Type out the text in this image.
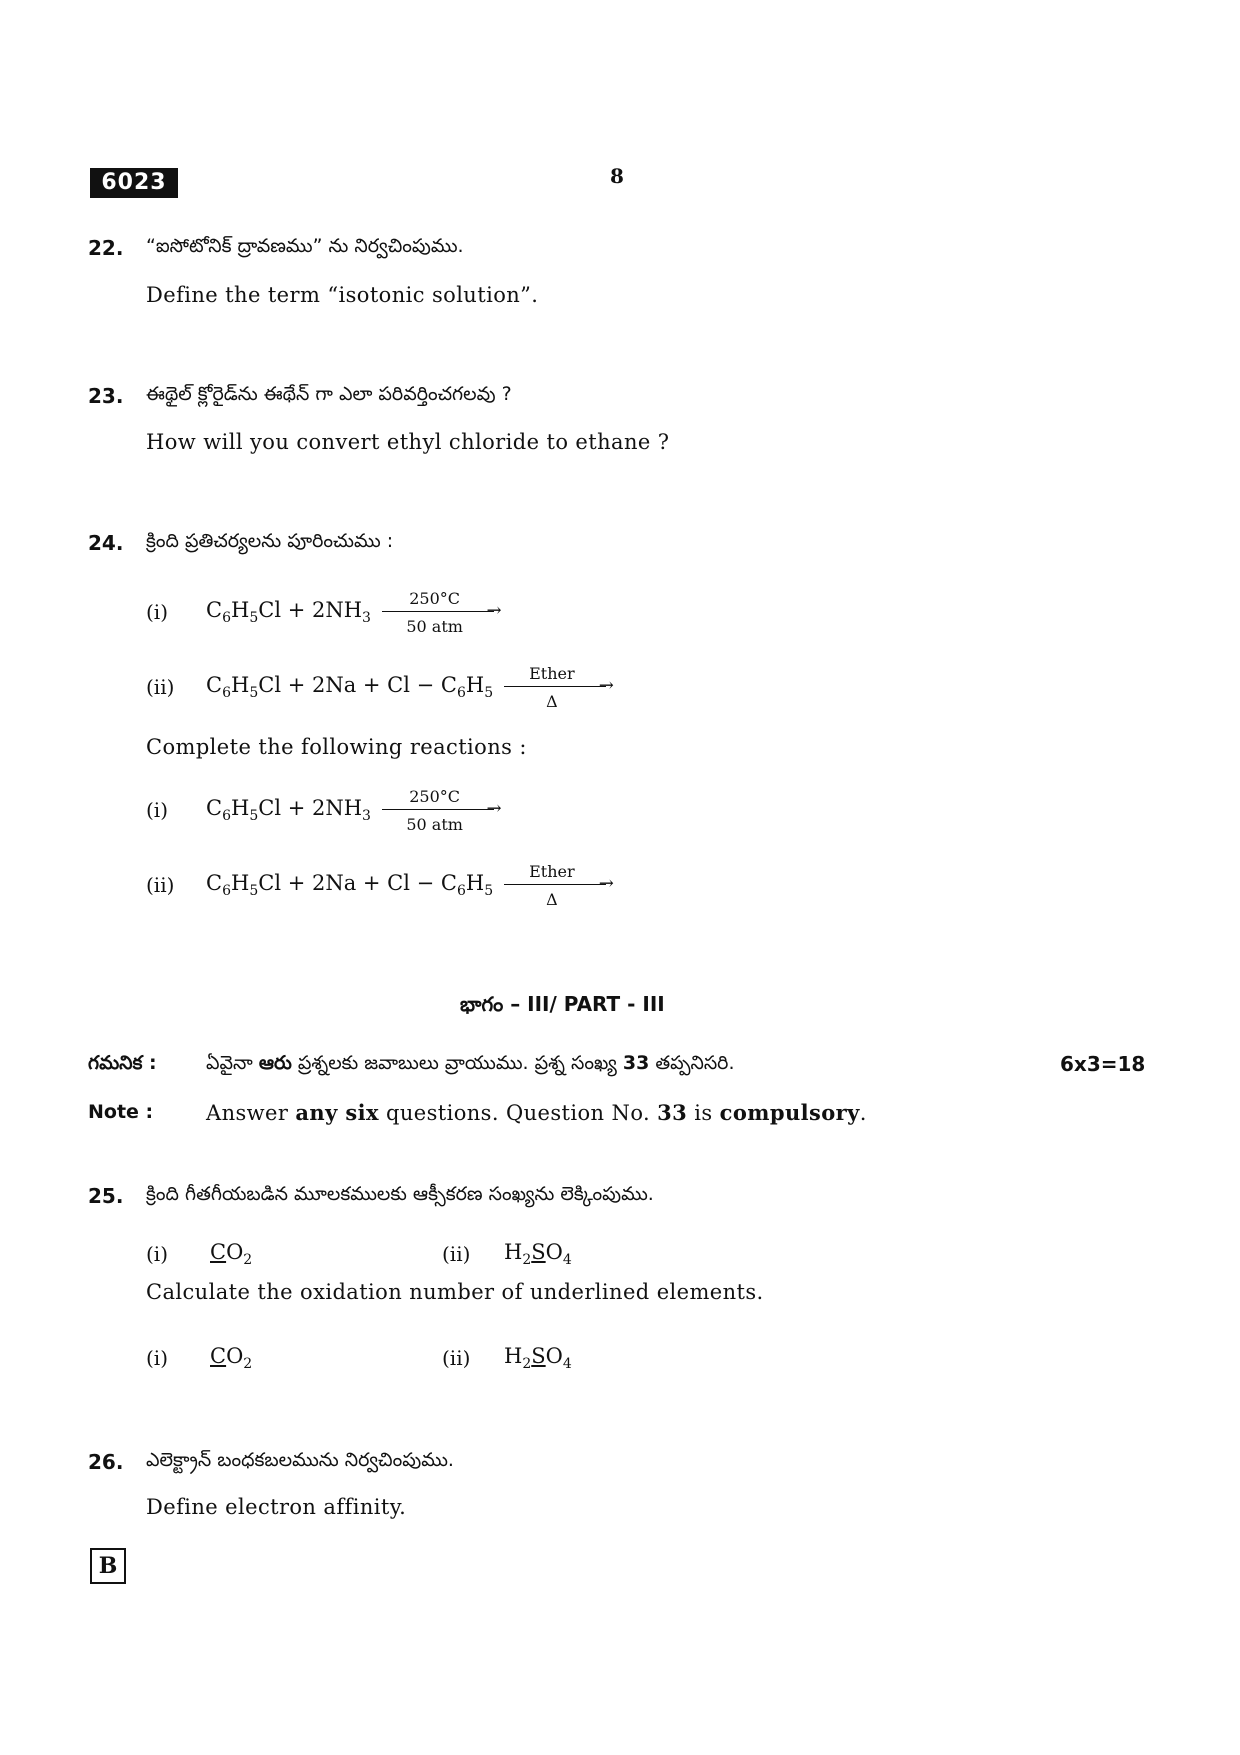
6023	8
22. “ఐసోటోనిక్ ద్రావణము” ను నిర్వచింపుము.
Define the term “isotonic solution”.
23. ఈథైల్ క్లోరైడ్‌ను ఈథేన్ గా ఎలా పరివర్తించగలవు ?
How will you convert ethyl chloride to ethane ?
24. క్రింది ప్రతిచర్యలను పూరించుము :
(i) $C_6H_5Cl + 2NH_3$
250°C
→
50 atm
(ii) $C_6H_5Cl + 2Na + Cl - C_6H_5$
Ether
→
Δ
Complete the following reactions :
(i) $C_6H_5Cl + 2NH_3$
250°C
→
50 atm
(ii) $C_6H_5Cl + 2Na + Cl - C_6H_5$
Ether
→
Δ
భాగం – III/ PART - III
గమనిక :	ఏవైనా ఆరు ప్రశ్నలకు జవాబులు వ్రాయుము. ప్రశ్న సంఖ్య 33 తప్పనిసరి.	6x3=18
Note :	Answer any six questions. Question No. 33 is compulsory.
25. క్రింది గీతగీయబడిన మూలకములకు ఆక్సీకరణ సంఖ్యను లెక్కింపుము.
(i) $CO_2$	(ii) $H_2SO_4$
Calculate the oxidation number of underlined elements.
(i) $CO_2$	(ii) $H_2SO_4$
26. ఎలెక్ట్రాన్ బంధకబలమును నిర్వచింపుము.
Define electron affinity.
B
